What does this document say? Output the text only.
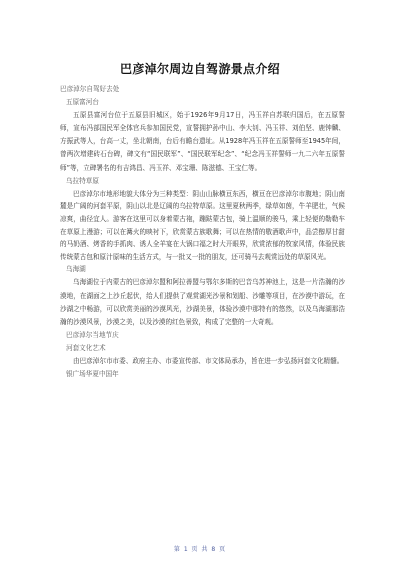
巴彦淖尔周边自驾游景点介绍

巴彦淖尔自驾好去处

五原富河台

五原县富河台位于五原县旧城区，始于1926年9月17日，冯玉祥自苏联归国后，在五原誓师，宣布冯部国民军全体官兵参加国民党，宣誓拥护孙中山、李大钊、冯玉祥、刘伯坚、鹿钟麟、方振武等人，台高一丈，坐北朝南，台后有瞻台遗址。从1928年冯玉祥在五原誓师至1945年间，曾两次增建砖石台碑，碑文有“国民联军”、“国民联军纪念”、“纪念冯玉祥誓师一九二六年五原誓师”等，立碑署名的有吉鸿昌、冯玉祥、邓宝珊、陈滋德、王宝仁等。

乌拉特草原

巴彦淖尔市地形地貌大体分为三种类型：阴山山脉横亘东西，横亘在巴彦淖尔市腹地；阴山南麓是广阔的河套平原，阴山以北是辽阔的乌拉特草原。这里夏秋两季，绿草如茵，牛羊肥壮，气候凉爽，曲径宜人。游客在这里可以身着蒙古袍，蹦跶蒙古包，骑上温顺的骏马，乘上轻便的勒勒车在草原上漫游；可以在篝火的映衬下，欣赏蒙古族歌舞；可以在热情的敬酒歌声中，品尝醇厚甘甜的马奶酒、烤香的手抓肉、诱人全羊宴在大锅口福之时大开眼界，欣赏浓郁的牧家风情，体验民族传统蒙古包和原汁原味的生活方式，与一批又一批的朋友，还可骑马去观赏远处的草原风光。

乌海湖

乌海湖位于内蒙古的巴彦淖尔盟和阿拉善盟与鄂尔多斯的巴音乌苏神池上，这是一片浩瀚的沙漠地，在湖面之上沙丘起伏，给人们提供了观赏湖光沙景和划船、沙雕等项目，在沙漠中游玩，在沙湖之中畅游，可以欣赏美丽的沙漠风光，沙湖美景，体验沙漠中那特有的悠然，以及乌海湖那浩瀚的沙漠风景，沙漠之美，以及沙漠的红色景致，构成了完整的一大奇观。

巴彦淖尔当地节庆

河套文化艺术

由巴彦淖尔市市委、政府主办、市委宣传部、市文体局承办，旨在进一步弘扬河套文化精髓。

银广场华夏中国年

第 1 页 共 8 页
